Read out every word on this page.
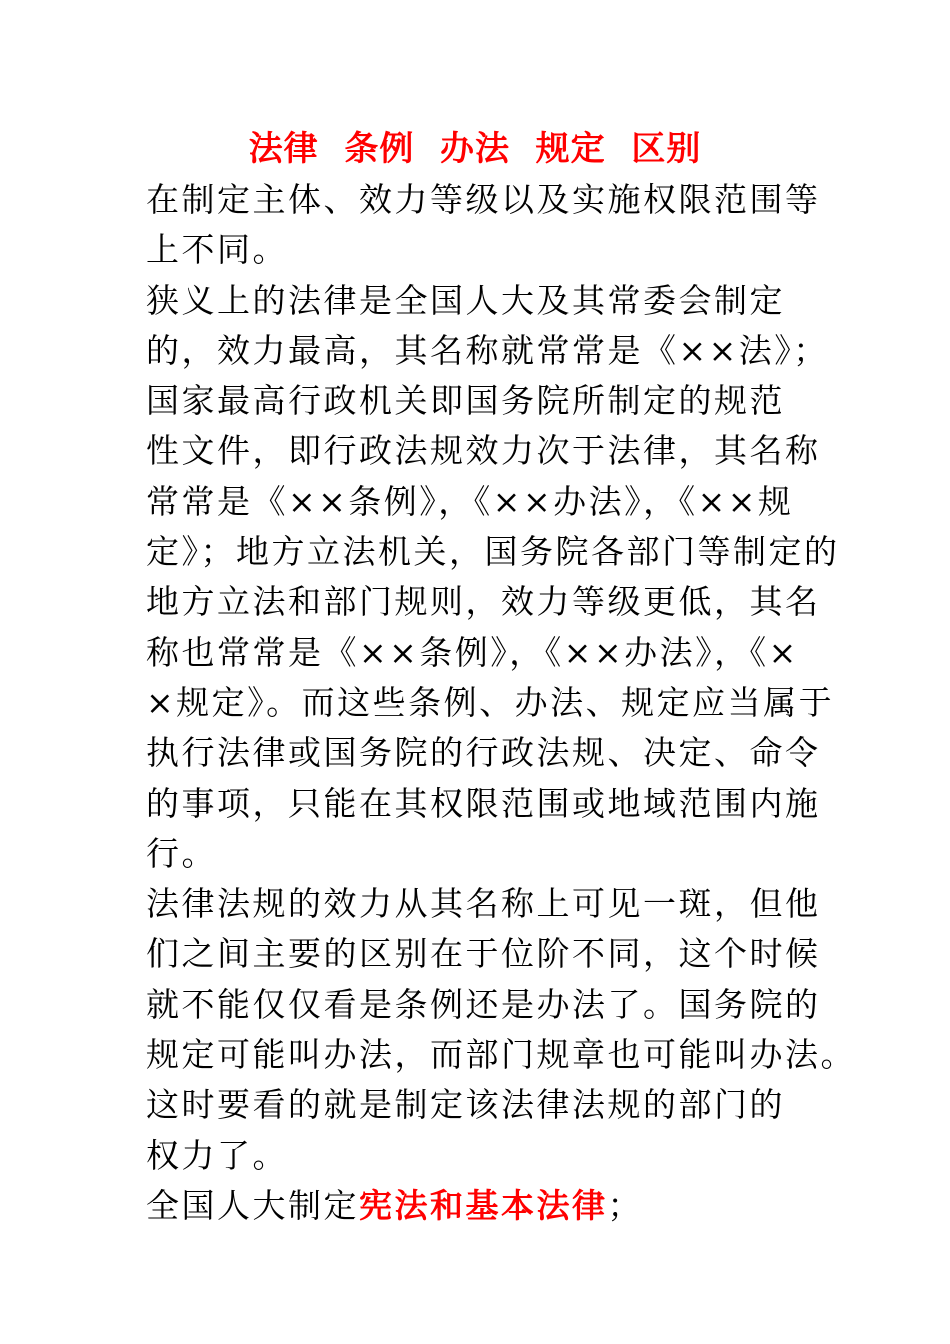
法律  条例  办法  规定  区别
在制定主体、效力等级以及实施权限范围等
上不同。
狭义上的法律是全国人大及其常委会制定
的，效力最高，其名称就常常是《××法》；
国家最高行政机关即国务院所制定的规范
性文件，即行政法规效力次于法律，其名称
常常是《××条例》，《××办法》，《××规
定》；地方立法机关，国务院各部门等制定的
地方立法和部门规则，效力等级更低，其名
称也常常是《××条例》，《××办法》，《×
×规定》。而这些条例、办法、规定应当属于
执行法律或国务院的行政法规、决定、命令
的事项，只能在其权限范围或地域范围内施
行。
法律法规的效力从其名称上可见一斑，但他
们之间主要的区别在于位阶不同，这个时候
就不能仅仅看是条例还是办法了。国务院的
规定可能叫办法，而部门规章也可能叫办法。
这时要看的就是制定该法律法规的部门的
权力了。
全国人大制定宪法和基本法律；
